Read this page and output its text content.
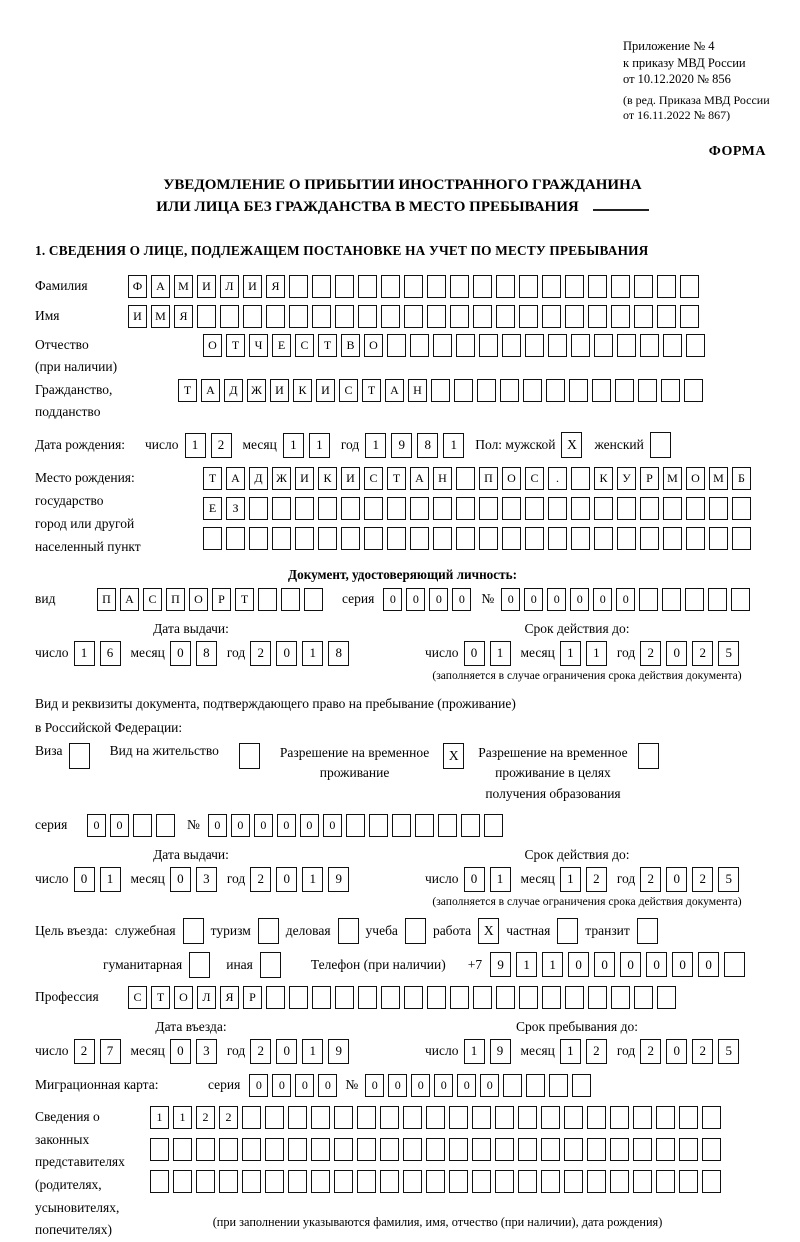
Приложение № 4
к приказу МВД России
от 10.12.2020 № 856
(в ред. Приказа МВД России
от 16.11.2022 № 867)
ФОРМА
УВЕДОМЛЕНИЕ О ПРИБЫТИИ ИНОСТРАННОГО ГРАЖДАНИНА
ИЛИ ЛИЦА БЕЗ ГРАЖДАНСТВА В МЕСТО ПРЕБЫВАНИЯ
1. СВЕДЕНИЯ О ЛИЦЕ, ПОДЛЕЖАЩЕМ ПОСТАНОВКЕ НА УЧЕТ ПО МЕСТУ ПРЕБЫВАНИЯ
Фамилия	Ф	А	М	И	Л	И	Я
Имя	И	М	Я
Отчество
(при наличии)
О	Т	Ч	Е	С	Т	В	О
Гражданство,
подданство
Т	А	Д	Ж	И	К	И	С	Т	А	Н
Дата рождения:	число	1	2	месяц	1	1	год	1	9	8	1	Пол: мужской X	женский
Место рождения:
государство
город или другой
населенный пункт
Т	А	Д	Ж	И	К	И	С	Т	А	Н	П	О	С	.	К	У	Р	М	О	М	Б
Е	З
Документ, удостоверяющий личность:
вид	П	А	С	П	О	Р	Т	серия	0	0	0	0	№	0	0	0	0	0	0
Дата выдачи:
число 1	6	месяц 0	8	год 2	0	1	8
Срок действия до:
число 0	1	месяц 1	1	год 2	0	2	5
(заполняется в случае ограничения срока действия документа)
Вид и реквизиты документа, подтверждающего право на пребывание (проживание)
в Российской Федерации:
Виза	Вид на жительство	Разрешение на временное
проживание
X	Разрешение на временное
проживание в целях
получения образования
серия	0	0	№	0	0	0	0	0	0
Дата выдачи:
число 0	1	месяц 0	3	год 2	0	1	9
Срок действия до:
число 0	1	месяц 1	2	год 2	0	2	5
(заполняется в случае ограничения срока действия документа)
Цель въезда: служебная	туризм	деловая	учеба	работа X частная	транзит
гуманитарная	иная	Телефон (при наличии) +7	9	1	1	0	0	0	0	0	0
Профессия	С	Т	О	Л	Я	Р
Дата въезда:
число 2	7	месяц 0	3	год 2	0	1	9
Срок пребывания до:
число 1	9	месяц 1	2	год 2	0	2	5
Миграционная карта:	серия	0	0	0	0	№	0	0	0	0	0	0
Сведения о
законных
представителях
(родителях,
усыновителях,
попечителях)
1	1	2	2
(при заполнении указываются фамилия, имя, отчество (при наличии), дата рождения)
